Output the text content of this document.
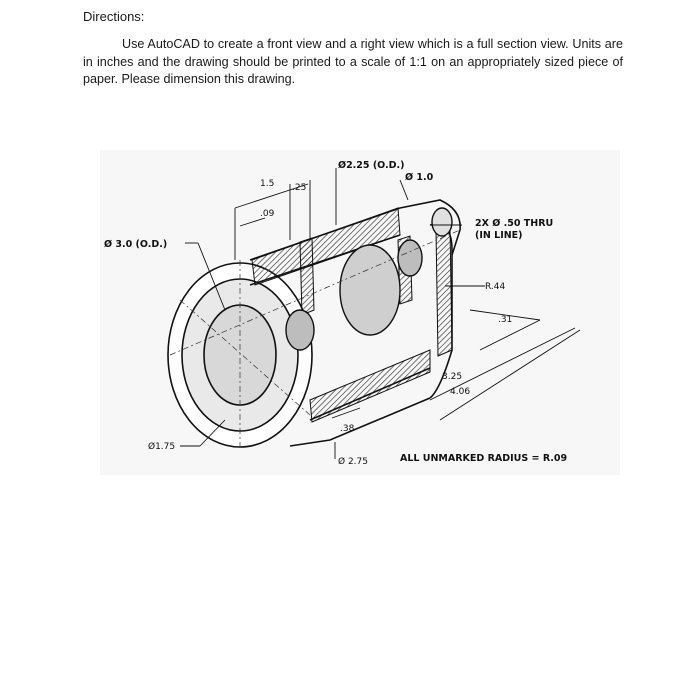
Directions:
Use AutoCAD to create a front view and a right view which is a full section view. Units are in inches and the drawing should be printed to a scale of 1:1 on an appropriately sized piece of paper. Please dimension this drawing.
Ø2.25 (O.D.)
Ø 1.0
1.5 .25
.09
Ø 3.0 (O.D.)
2X Ø .50 THRU
(IN LINE)
R.44
.31
3.25
4.06
.38
Ø1.75
Ø 2.75	ALL UNMARKED RADIUS = R.09
